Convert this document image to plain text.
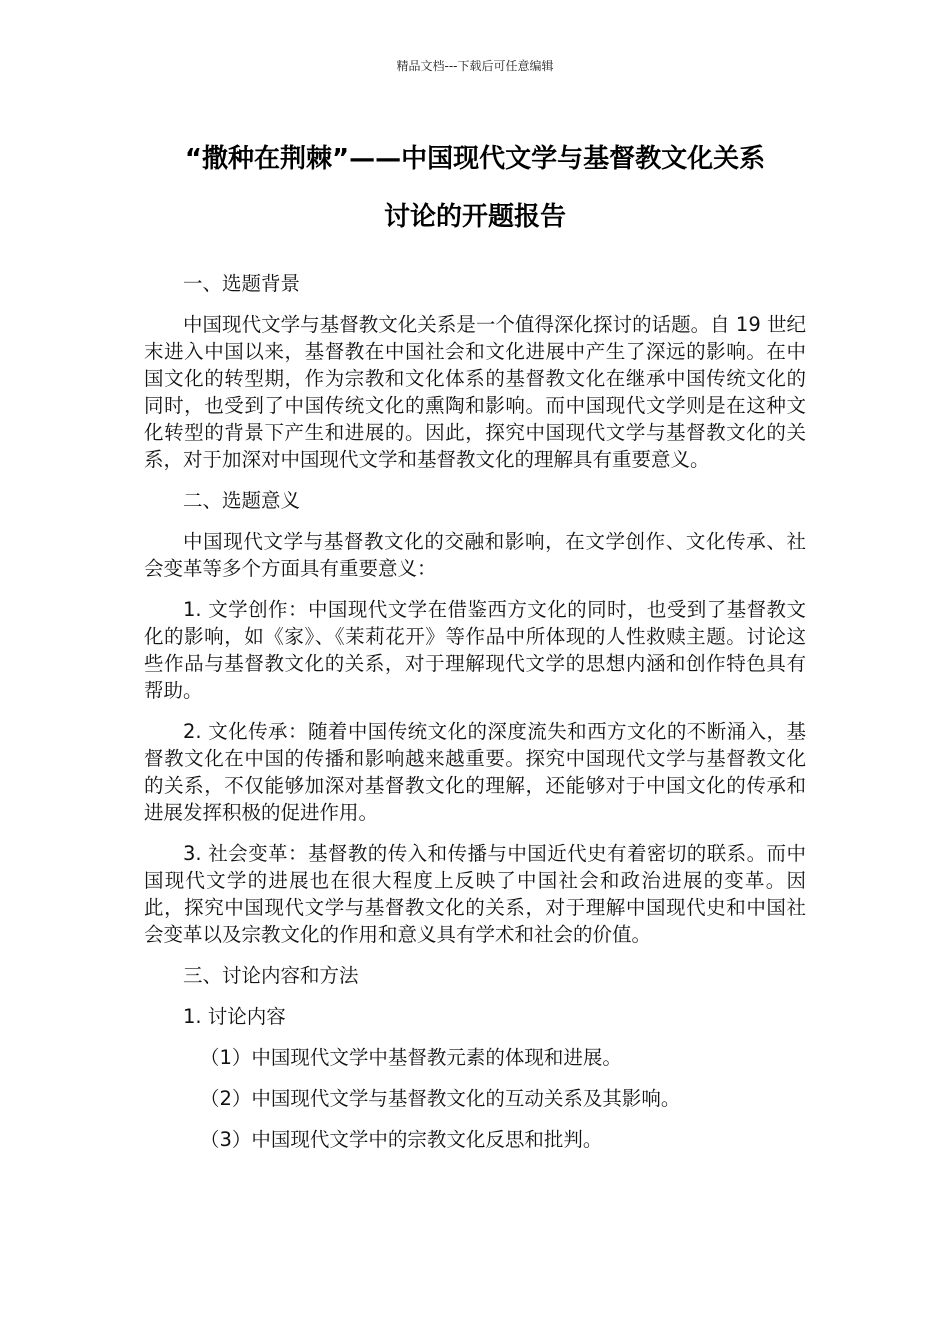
精品文档---下载后可任意编辑
“撒种在荆棘”——中国现代文学与基督教文化关系
讨论的开题报告

一、选题背景

中国现代文学与基督教文化关系是一个值得深化探讨的话题。自 19 世纪末进入中国以来，基督教在中国社会和文化进展中产生了深远的影响。在中国文化的转型期，作为宗教和文化体系的基督教文化在继承中国传统文化的同时，也受到了中国传统文化的熏陶和影响。而中国现代文学则是在这种文化转型的背景下产生和进展的。因此，探究中国现代文学与基督教文化的关系，对于加深对中国现代文学和基督教文化的理解具有重要意义。

二、选题意义

中国现代文学与基督教文化的交融和影响，在文学创作、文化传承、社会变革等多个方面具有重要意义：

1. 文学创作：中国现代文学在借鉴西方文化的同时，也受到了基督教文化的影响，如《家》、《茉莉花开》等作品中所体现的人性救赎主题。讨论这些作品与基督教文化的关系，对于理解现代文学的思想内涵和创作特色具有帮助。

2. 文化传承：随着中国传统文化的深度流失和西方文化的不断涌入，基督教文化在中国的传播和影响越来越重要。探究中国现代文学与基督教文化的关系，不仅能够加深对基督教文化的理解，还能够对于中国文化的传承和进展发挥积极的促进作用。

3. 社会变革：基督教的传入和传播与中国近代史有着密切的联系。而中国现代文学的进展也在很大程度上反映了中国社会和政治进展的变革。因此，探究中国现代文学与基督教文化的关系，对于理解中国现代史和中国社会变革以及宗教文化的作用和意义具有学术和社会的价值。

三、讨论内容和方法

1. 讨论内容

（1）中国现代文学中基督教元素的体现和进展。

（2）中国现代文学与基督教文化的互动关系及其影响。

（3）中国现代文学中的宗教文化反思和批判。
